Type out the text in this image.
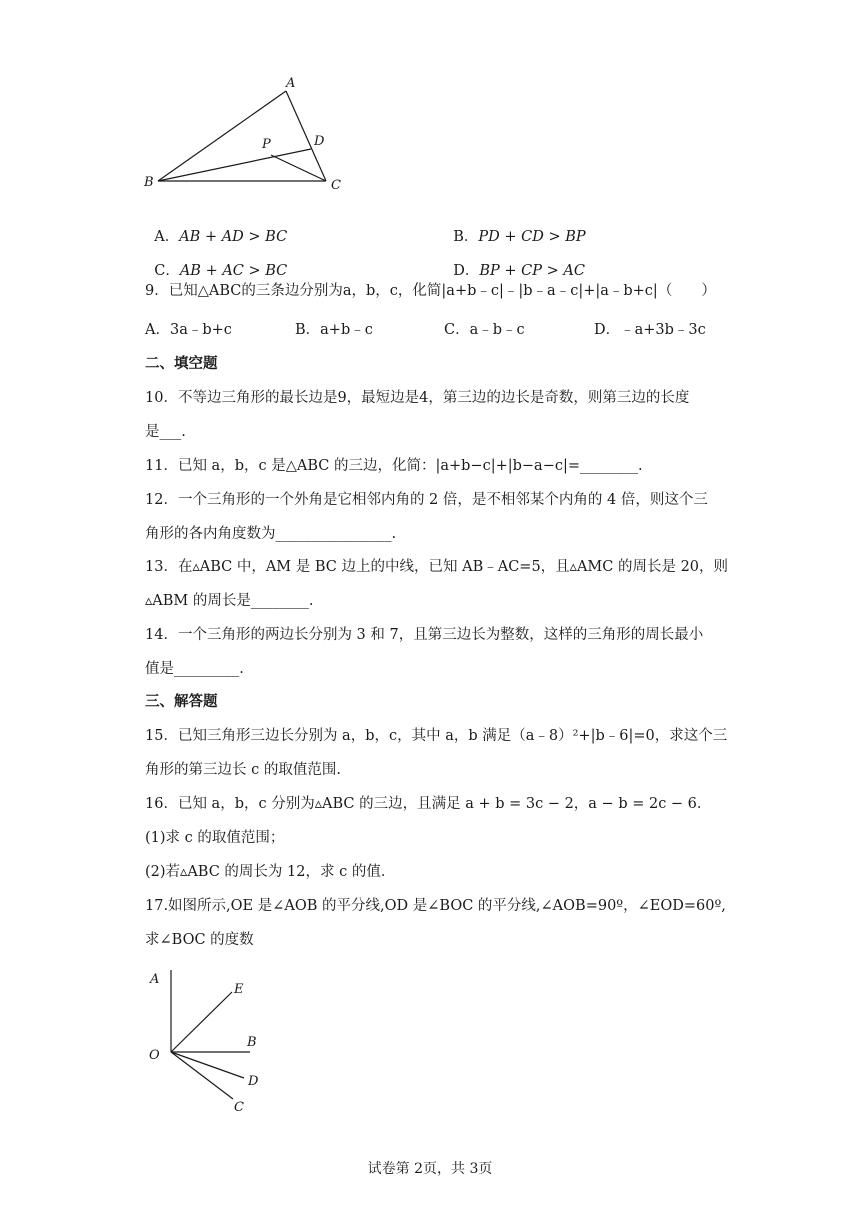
A
B	C
D
P

A．AB + AD > BC	B．PD + CD > BP

C．AB + AC > BC	D．BP + CP > AC

9．已知△ABC的三条边分别为a，b，c，化简|a+b﹣c|﹣|b﹣a﹣c|+|a﹣b+c|（　　）
A．3a﹣b+c	B．a+b﹣c	C．a﹣b﹣c	D．﹣a+3b﹣3c
二、填空题
10．不等边三角形的最长边是9，最短边是4，第三边的边长是奇数，则第三边的长度
是___.
11．已知 a，b，c 是△ABC 的三边，化简：|a+b−c|+|b−a−c|=________.
12．一个三角形的一个外角是它相邻内角的 2 倍，是不相邻某个内角的 4 倍，则这个三
角形的各内角度数为________________.
13．在▵ABC 中，AM 是 BC 边上的中线，已知 AB﹣AC=5，且▵AMC 的周长是 20，则
▵ABM 的周长是________.
14．一个三角形的两边长分别为 3 和 7，且第三边长为整数，这样的三角形的周长最小
值是_________.
三、解答题
15．已知三角形三边长分别为 a，b，c，其中 a，b 满足（a﹣8）²+|b﹣6|=0，求这个三
角形的第三边长 c 的取值范围.
16．已知 a，b，c 分别为▵ABC 的三边，且满足 a + b = 3c − 2，a − b = 2c − 6．
(1)求 c 的取值范围；
(2)若▵ABC 的周长为 12，求 c 的值．
17.如图所示,OE 是∠AOB 的平分线,OD 是∠BOC 的平分线,∠AOB=90º，∠EOD=60º,
求∠BOC 的度数
A
E
B
O
D
C
试卷第 2页，共 3页
